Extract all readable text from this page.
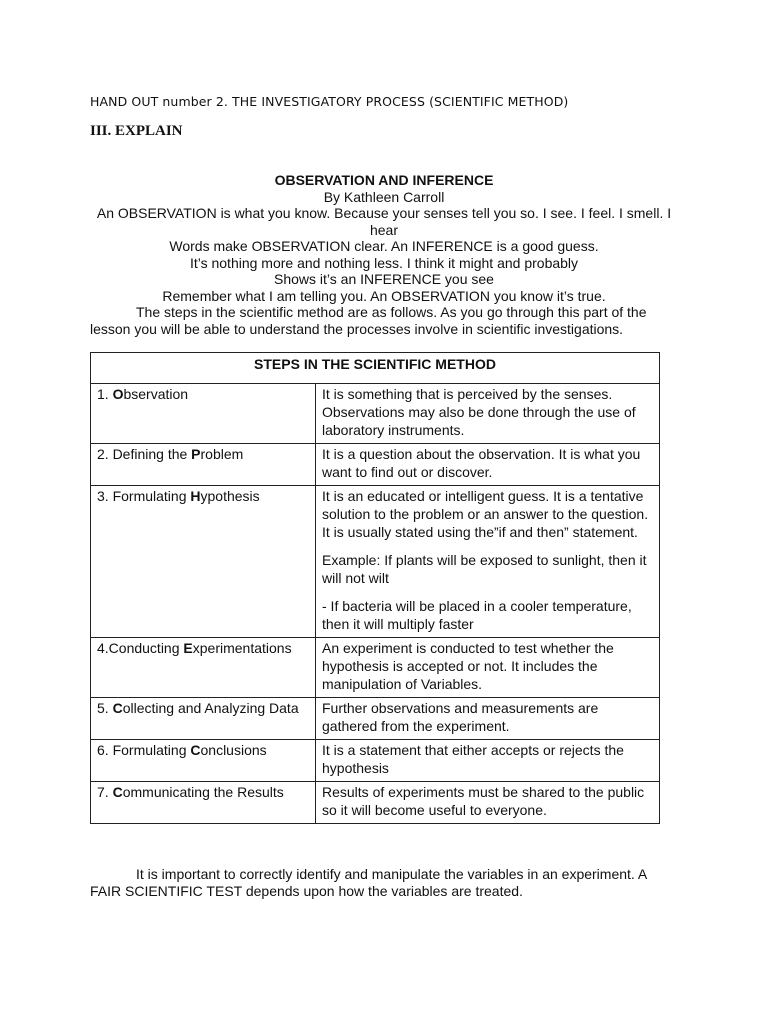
HAND OUT number 2. THE INVESTIGATORY PROCESS (SCIENTIFIC METHOD)
III. EXPLAIN
OBSERVATION AND INFERENCE
By Kathleen Carroll
An OBSERVATION is what you know. Because your senses tell you so. I see. I feel. I smell. I hear
Words make OBSERVATION clear. An INFERENCE is a good guess.
It’s nothing more and nothing less. I think it might and probably
Shows it’s an INFERENCE you see
Remember what I am telling you. An OBSERVATION you know it’s true.
The steps in the scientific method are as follows. As you go through this part of the lesson you will be able to understand the processes involve in scientific investigations.
STEPS IN THE SCIENTIFIC METHOD	
1. Observation	It is something that is perceived by the senses. Observations may also be done through the use of laboratory instruments.

2. Defining the Problem	It is a question about the observation. It is what you want to find out or discover.

3. Formulating Hypothesis	It is an educated or intelligent guess. It is a tentative solution to the problem or an answer to the question. It is usually stated using the”if and then” statement.

Example: If plants will be exposed to sunlight, then it will not wilt

- If bacteria will be placed in a cooler temperature, then it will multiply faster

4.Conducting Experimentations	An experiment is conducted to test whether the hypothesis is accepted or not. It includes the manipulation of Variables.

5. Collecting and Analyzing Data	Further observations and measurements are gathered from the experiment.

6. Formulating Conclusions	It is a statement that either accepts or rejects the hypothesis

7. Communicating the Results	Results of experiments must be shared to the public so it will become useful to everyone.

It is important to correctly identify and manipulate the variables in an experiment. A FAIR SCIENTIFIC TEST depends upon how the variables are treated.
